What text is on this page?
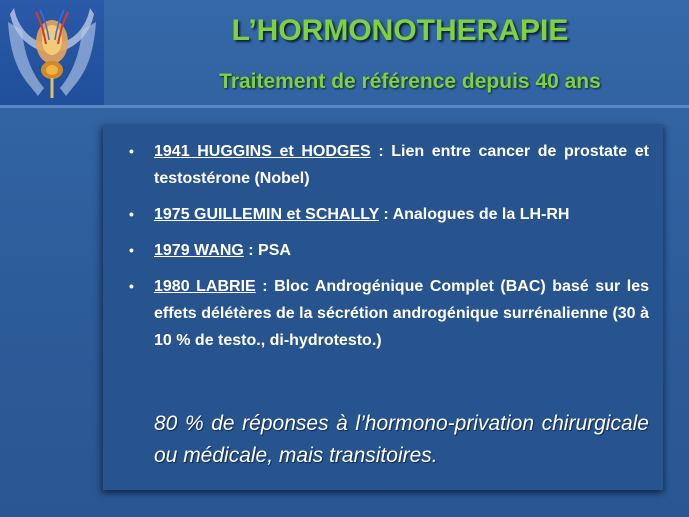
L’HORMONOTHERAPIE
Traitement de référence depuis 40 ans
• 1941 HUGGINS et HODGES : Lien entre cancer de prostate et testostérone (Nobel)
• 1975 GUILLEMIN et SCHALLY : Analogues de la LH-RH
• 1979 WANG : PSA
• 1980 LABRIE : Bloc Androgénique Complet (BAC) basé sur les effets délétères de la sécrétion androgénique surrénalienne (30 à 10 % de testo., di-hydrotesto.)

80 % de réponses à l’hormono-privation chirurgicale ou médicale, mais transitoires.
